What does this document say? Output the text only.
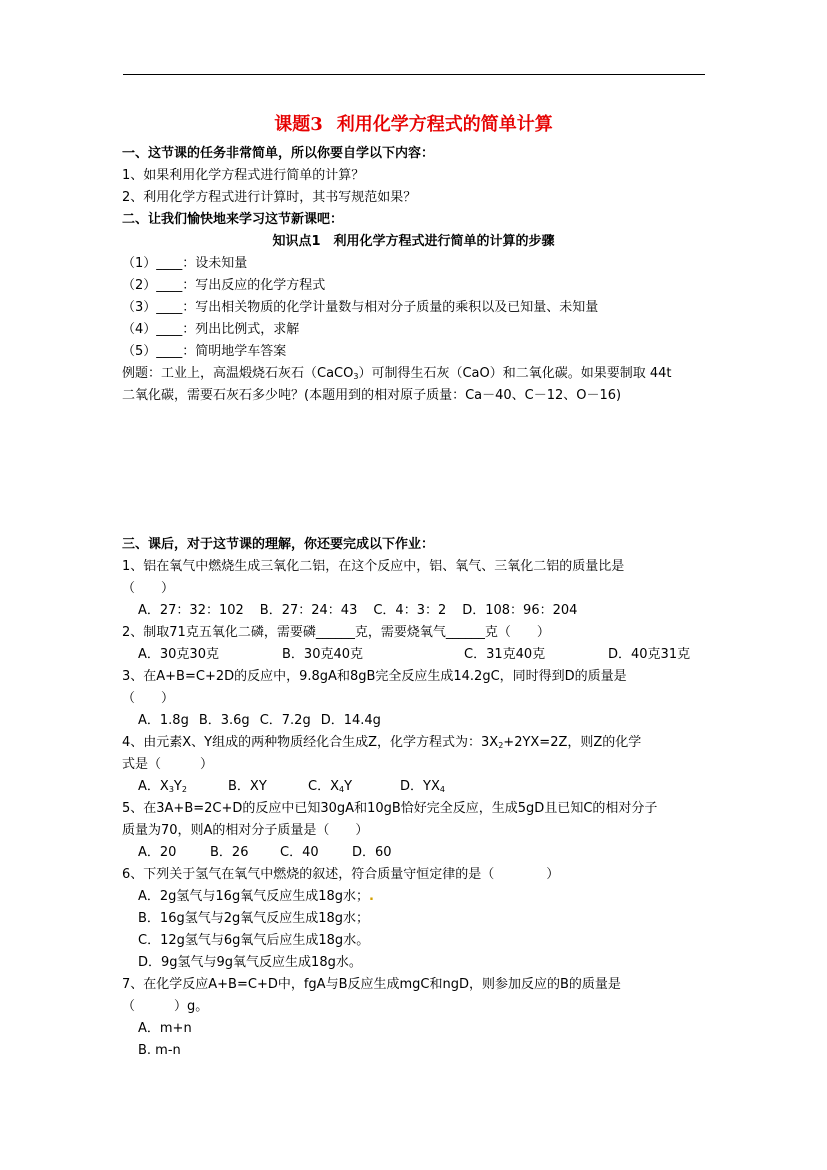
课题3 利用化学方程式的简单计算
一、这节课的任务非常简单，所以你要自学以下内容：
1、如果利用化学方程式进行简单的计算？
2、利用化学方程式进行计算时，其书写规范如果？
二、让我们愉快地来学习这节新课吧：
知识点1　利用化学方程式进行简单的计算的步骤
（1）____：设未知量
（2）____：写出反应的化学方程式
（3）____：写出相关物质的化学计量数与相对分子质量的乘积以及已知量、未知量
（4）____：列出比例式，求解
（5）____：简明地学车答案
例题：工业上，高温煅烧石灰石（CaCO$_3$）可制得生石灰（CaO）和二氧化碳。如果要制取 44t
二氧化碳，需要石灰石多少吨？(本题用到的相对原子质量：Ca－40、C－12、O－16)
三、课后，对于这节课的理解，你还要完成以下作业：
1、铝在氧气中燃烧生成三氧化二铝，在这个反应中，铝、氧气、三氧化二铝的质量比是
（　　）
A．27：32：102 B．27：24：43 C．4：3：2 D．108：96：204
2、制取71克五氧化二磷，需要磷______克，需要烧氧气______克（　　）
A．30克30克	B．30克40克	C．31克40克	D．40克31克
3、在A+B=C+2D的反应中，9.8gA和8gB完全反应生成14.2gC，同时得到D的质量是
（　　）
A．1.8g B．3.6g C．7.2g D．14.4g
4、由元素X、Y组成的两种物质经化合生成Z，化学方程式为：$3X_2+2YX=2Z$，则Z的化学
式是（　　　）
A．$X_3Y_2$	B．XY	C．$X_4Y$	D．$YX_4$
5、在3A+B=2C+D的反应中已知30gA和10gB恰好完全反应，生成5gD且已知C的相对分子
质量为70，则A的相对分子质量是（　　）
A．20	B．26 C．40	D．60
6、下列关于氢气在氧气中燃烧的叙述，符合质量守恒定律的是（　　　　）
A．2g氢气与16g氧气反应生成18g水；.
B．16g氢气与2g氧气反应生成18g水；
C．12g氢气与6g氧气后应生成18g水。
D．9g氢气与9g氧气反应生成18g水。
7、在化学反应A+B=C+D中，fgA与B反应生成mgC和ngD，则参加反应的B的质量是
（　　　）g。
A．m+n
B. m-n
